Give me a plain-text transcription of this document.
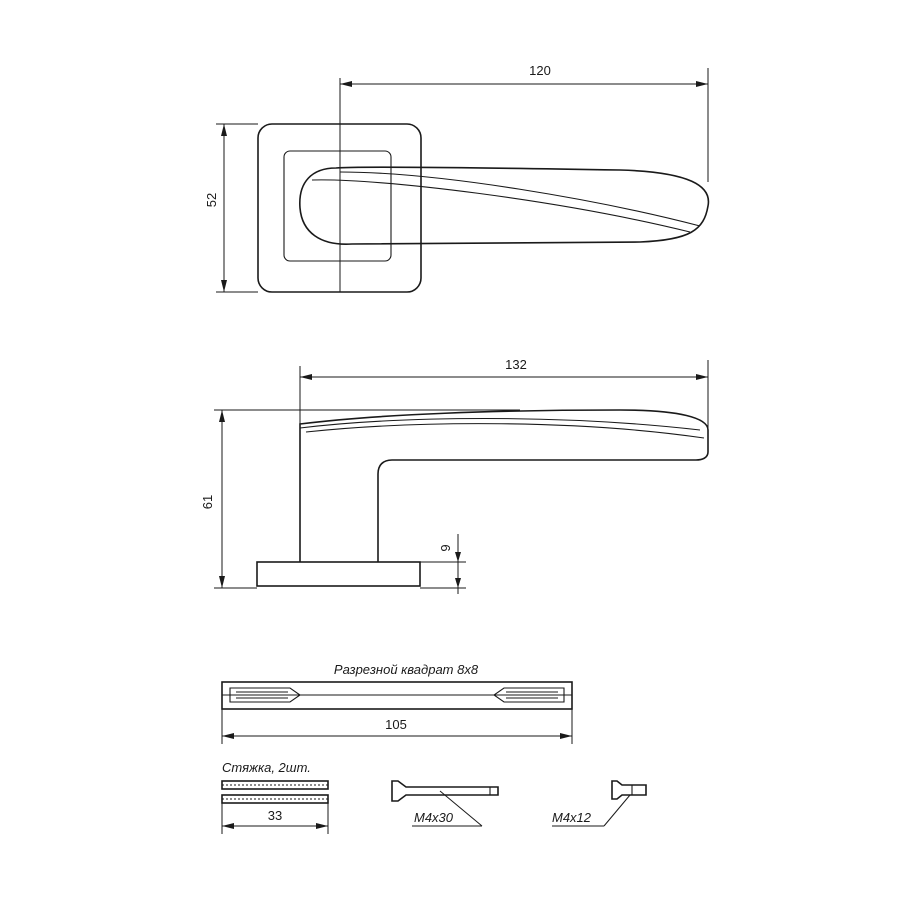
120
52
132
61
9
Разрезной квадрат 8х8
105
Стяжка, 2шт.
33	M4x30	M4x12
